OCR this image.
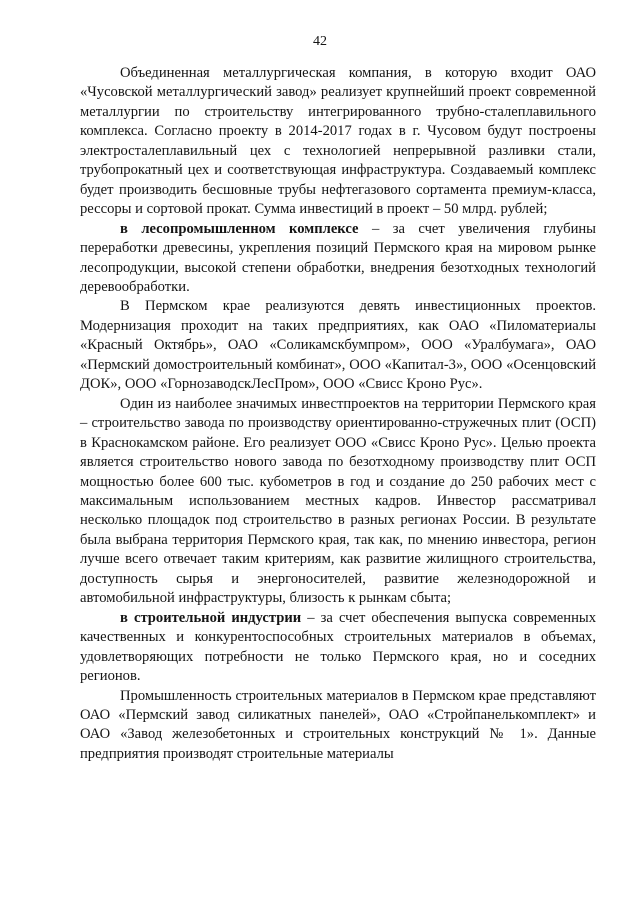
42

Объединенная металлургическая компания, в которую входит ОАО «Чусовской металлургический завод» реализует крупнейший проект современной металлургии по строительству интегрированного трубно-сталеплавильного комплекса. Согласно проекту в 2014-2017 годах в г. Чусовом будут построены электросталеплавильный цех с технологией непрерывной разливки стали, трубопрокатный цех и соответствующая инфраструктура. Создаваемый комплекс будет производить бесшовные трубы нефтегазового сортамента премиум-класса, рессоры и сортовой прокат. Сумма инвестиций в проект – 50 млрд. рублей;

в лесопромышленном комплексе – за счет увеличения глубины переработки древесины, укрепления позиций Пермского края на мировом рынке лесопродукции, высокой степени обработки, внедрения безотходных технологий деревообработки.

В Пермском крае реализуются девять инвестиционных проектов. Модернизация проходит на таких предприятиях, как ОАО «Пиломатериалы «Красный Октябрь», ОАО «Соликамскбумпром», ООО «Уралбумага», ОАО «Пермский домостроительный комбинат», ООО «Капитал-3», ООО «Осенцовский ДОК», ООО «ГорнозаводскЛесПром», ООО «Свисс Кроно Рус».

Один из наиболее значимых инвестпроектов на территории Пермского края – строительство завода по производству ориентированно-стружечных плит (ОСП) в Краснокамском районе. Его реализует ООО «Свисс Кроно Рус». Целью проекта является строительство нового завода по безотходному производству плит ОСП мощностью более 600 тыс. кубометров в год и создание до 250 рабочих мест с максимальным использованием местных кадров. Инвестор рассматривал несколько площадок под строительство в разных регионах России. В результате была выбрана территория Пермского края, так как, по мнению инвестора, регион лучше всего отвечает таким критериям, как развитие жилищного строительства, доступность сырья и энергоносителей, развитие железнодорожной и автомобильной инфраструктуры, близость к рынкам сбыта;

в строительной индустрии – за счет обеспечения выпуска современных качественных и конкурентоспособных строительных материалов в объемах, удовлетворяющих потребности не только Пермского края, но и соседних регионов.

Промышленность строительных материалов в Пермском крае представляют ОАО «Пермский завод силикатных панелей», ОАО «Стройпанелькомплект» и ОАО «Завод железобетонных и строительных конструкций № 1». Данные предприятия производят строительные материалы
